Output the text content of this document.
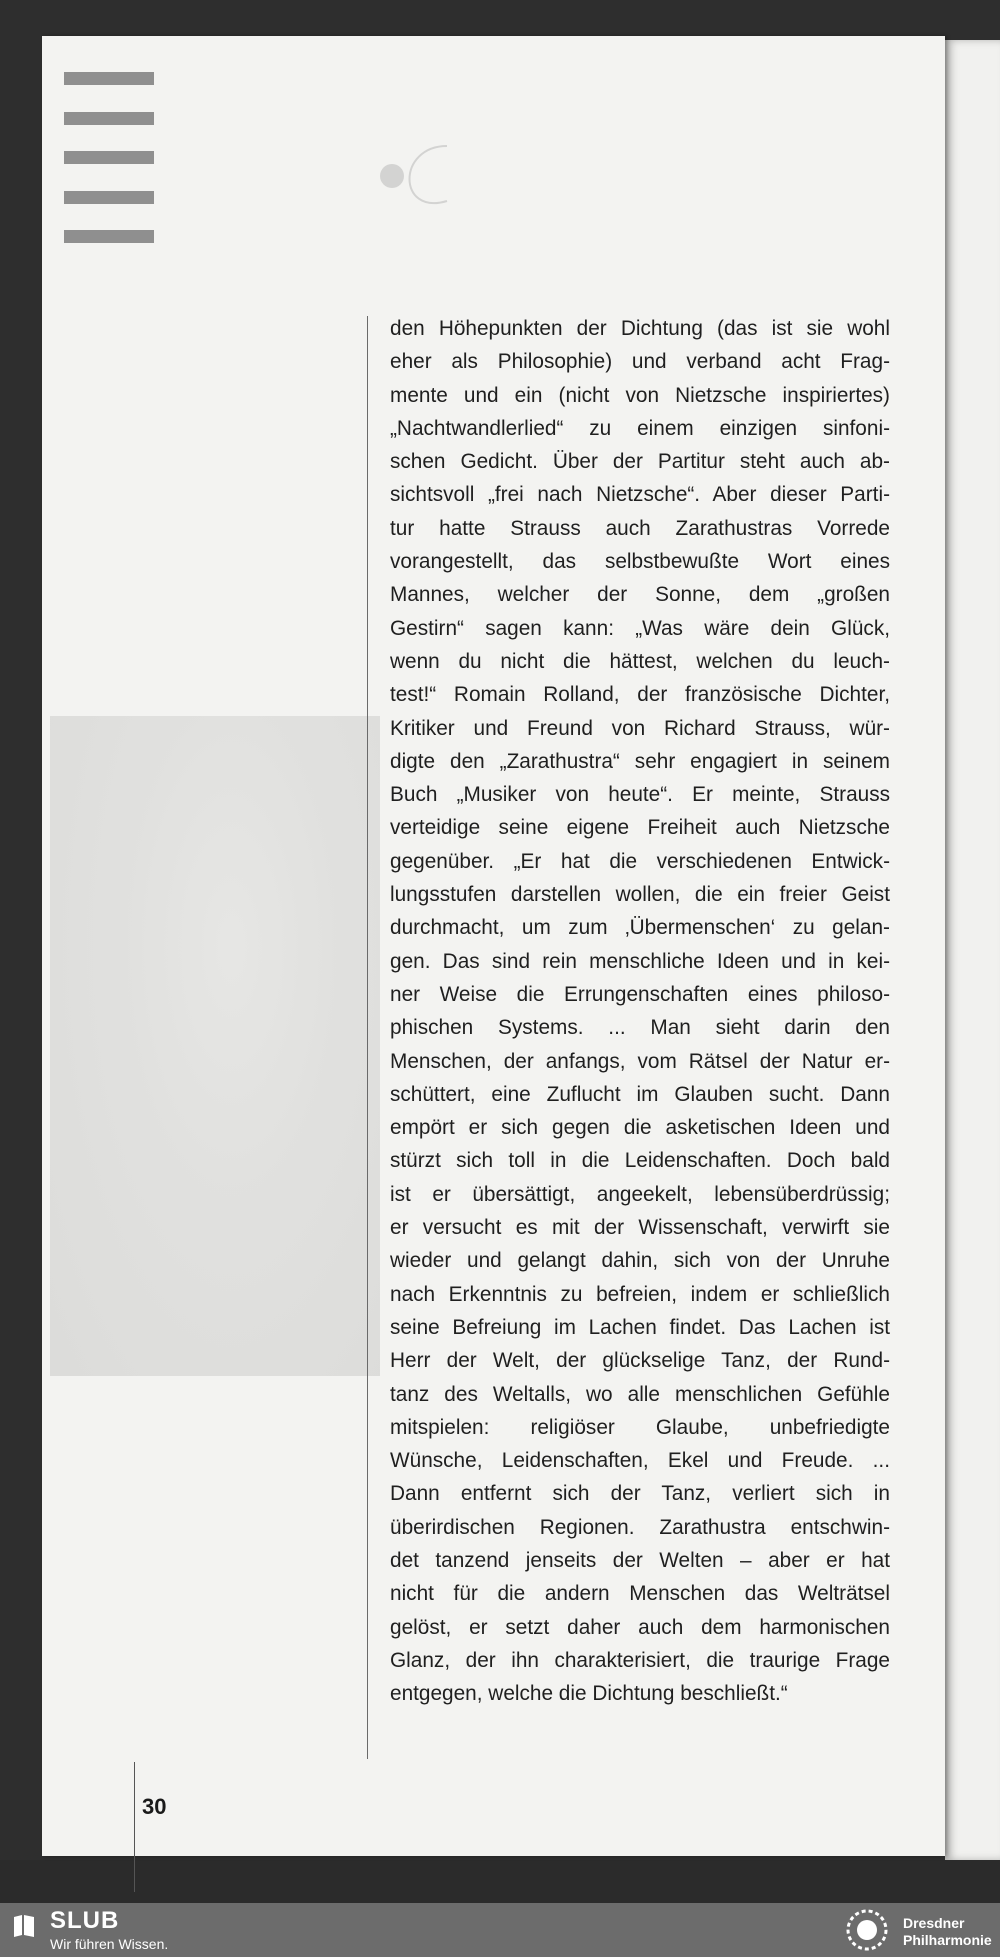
den Höhepunkten der Dichtung (das ist sie wohl
eher als Philosophie) und verband acht Frag-
mente und ein (nicht von Nietzsche inspiriertes)
„Nachtwandlerlied“ zu einem einzigen sinfoni-
schen Gedicht. Über der Partitur steht auch ab-
sichtsvoll „frei nach Nietzsche“. Aber dieser Parti-
tur hatte Strauss auch Zarathustras Vorrede
vorangestellt, das selbstbewußte Wort eines
Mannes, welcher der Sonne, dem „großen
Gestirn“ sagen kann: „Was wäre dein Glück,
wenn du nicht die hättest, welchen du leuch-
test!“ Romain Rolland, der französische Dichter,
Kritiker und Freund von Richard Strauss, wür-
digte den „Zarathustra“ sehr engagiert in seinem
Buch „Musiker von heute“. Er meinte, Strauss
verteidige seine eigene Freiheit auch Nietzsche
gegenüber. „Er hat die verschiedenen Entwick-
lungsstufen darstellen wollen, die ein freier Geist
durchmacht, um zum ‚Übermenschen‘ zu gelan-
gen. Das sind rein menschliche Ideen und in kei-
ner Weise die Errungenschaften eines philoso-
phischen Systems. ... Man sieht darin den
Menschen, der anfangs, vom Rätsel der Natur er-
schüttert, eine Zuflucht im Glauben sucht. Dann
empört er sich gegen die asketischen Ideen und
stürzt sich toll in die Leidenschaften. Doch bald
ist er übersättigt, angeekelt, lebensüberdrüssig;
er versucht es mit der Wissenschaft, verwirft sie
wieder und gelangt dahin, sich von der Unruhe
nach Erkenntnis zu befreien, indem er schließlich
seine Befreiung im Lachen findet. Das Lachen ist
Herr der Welt, der glückselige Tanz, der Rund-
tanz des Weltalls, wo alle menschlichen Gefühle
mitspielen: religiöser Glaube, unbefriedigte
Wünsche, Leidenschaften, Ekel und Freude. ...
Dann entfernt sich der Tanz, verliert sich in
überirdischen Regionen. Zarathustra entschwin-
det tanzend jenseits der Welten – aber er hat
nicht für die andern Menschen das Welträtsel
gelöst, er setzt daher auch dem harmonischen
Glanz, der ihn charakterisiert, die traurige Frage
entgegen, welche die Dichtung beschließt.“
30
SLUB
Wir führen Wissen.
Dresdner
Philharmonie
